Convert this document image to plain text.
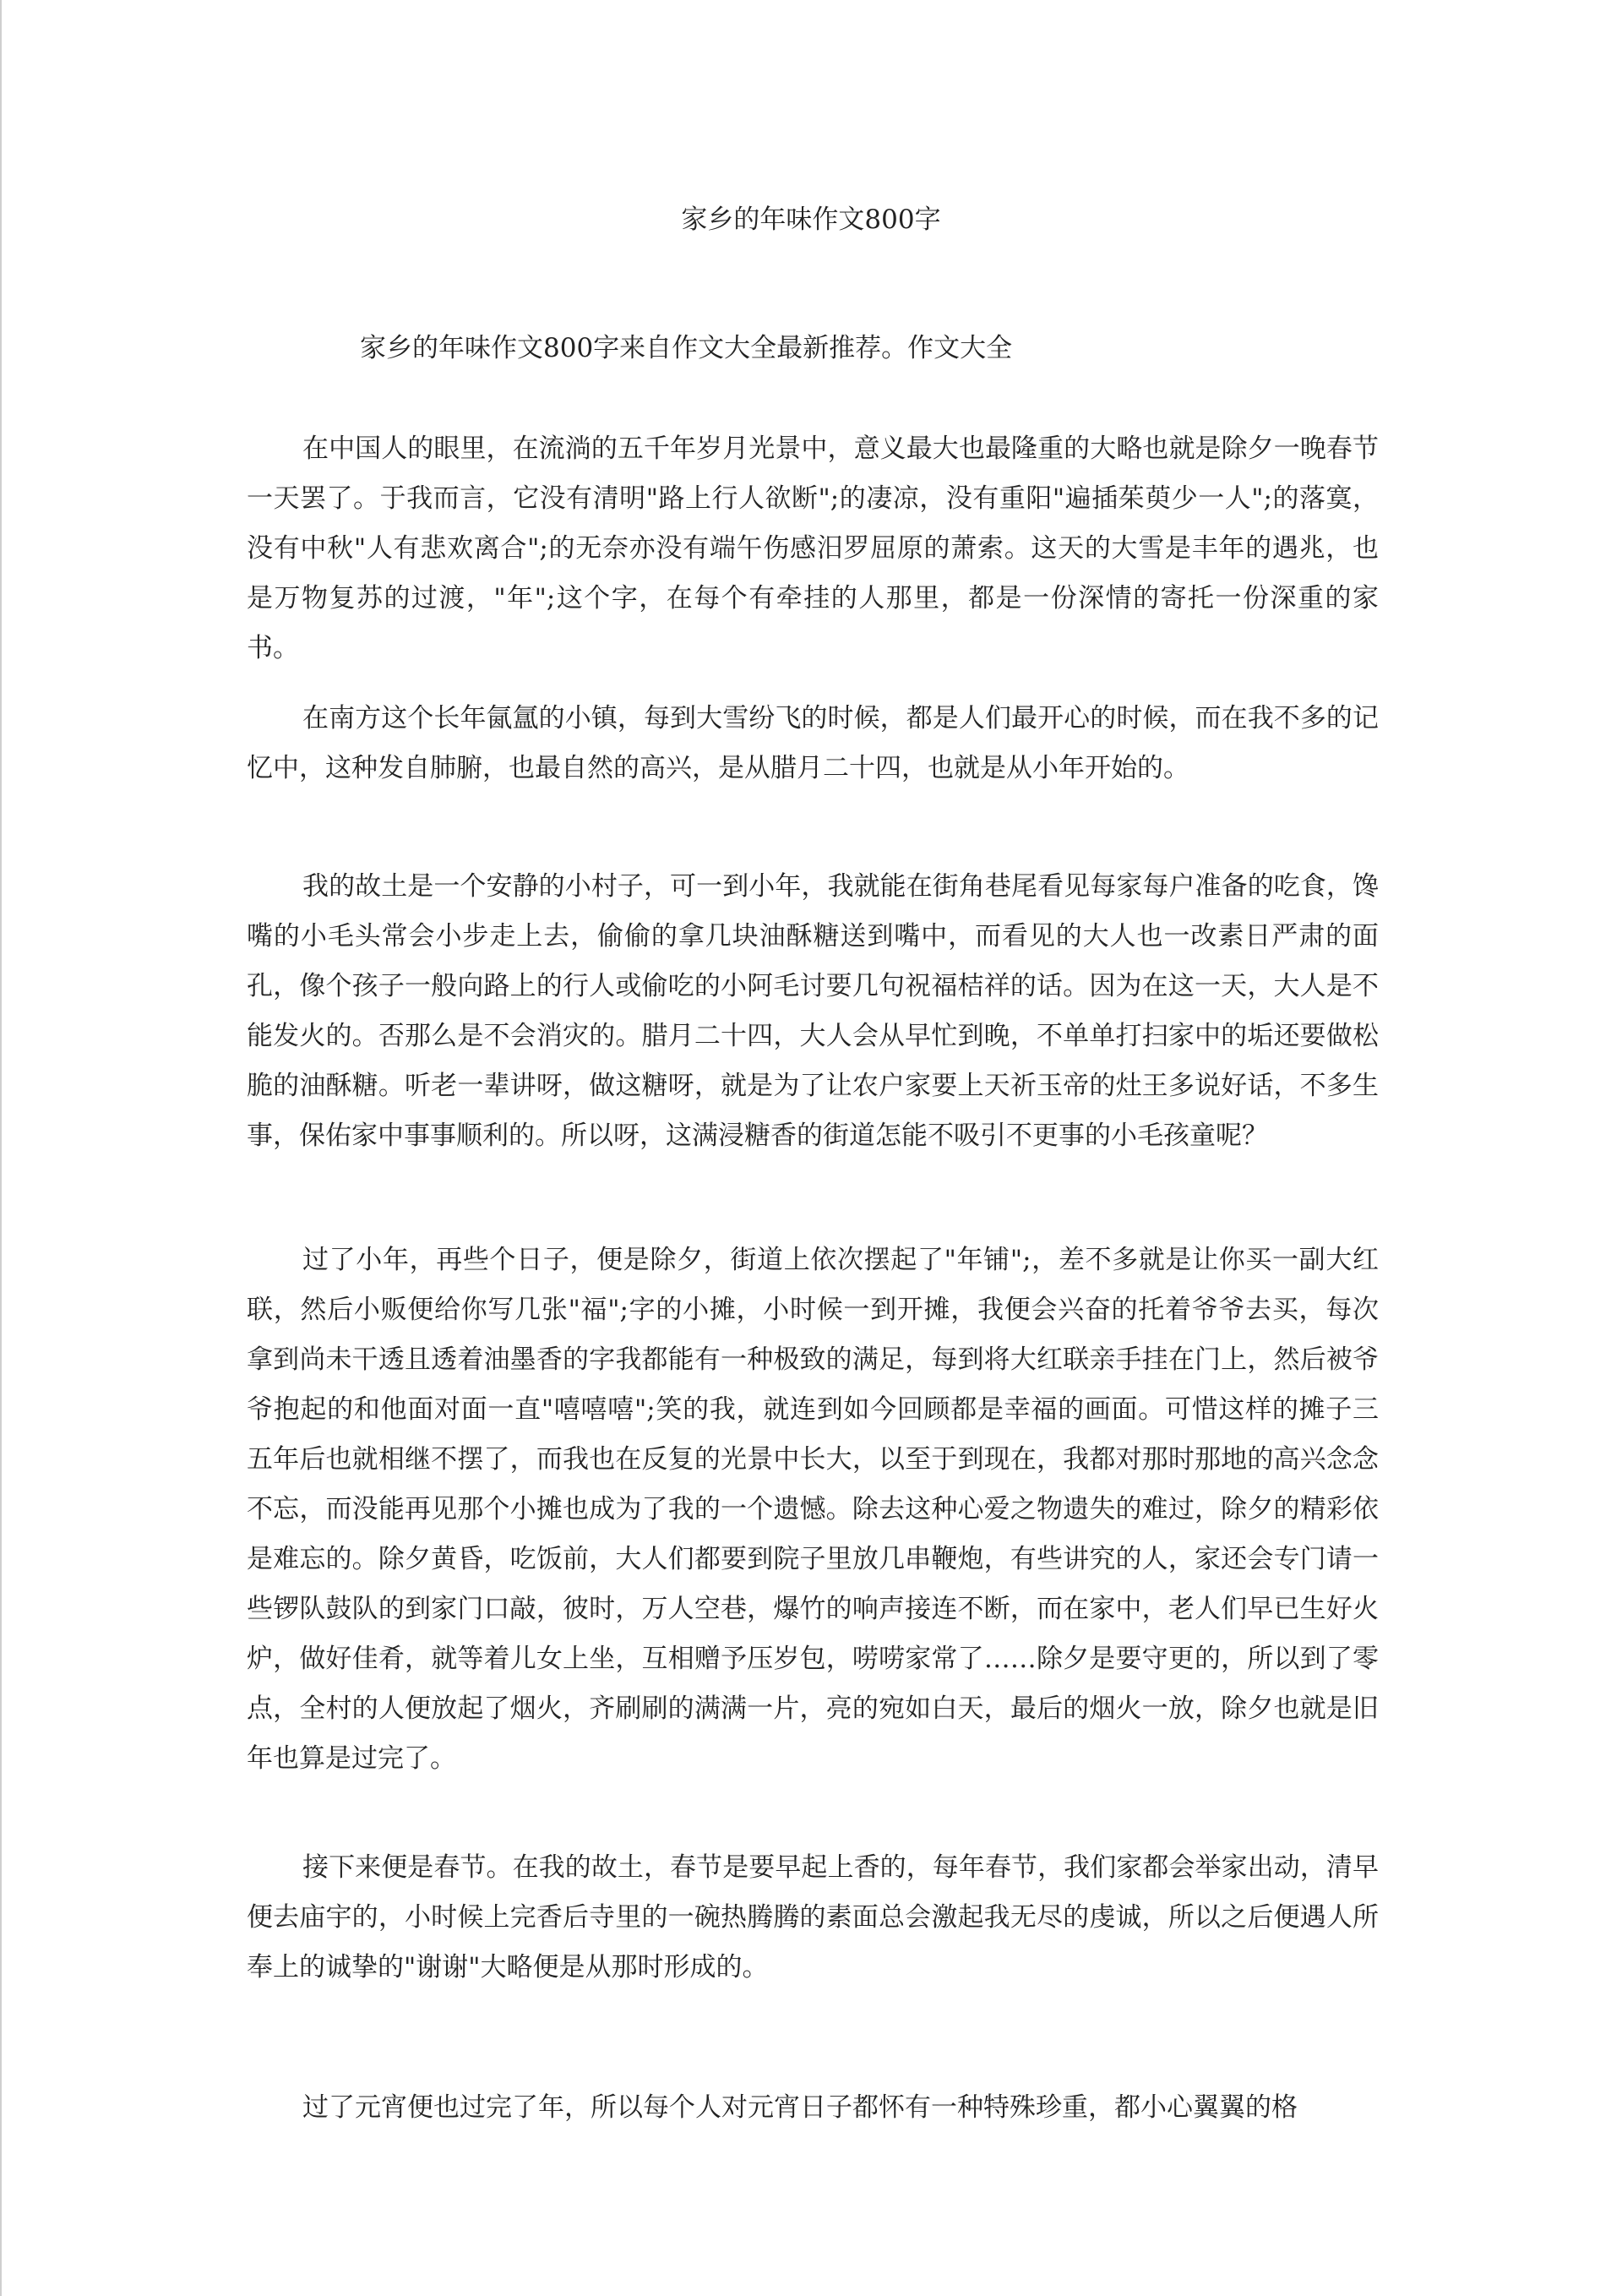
家乡的年味作文800字
家乡的年味作文800字来自作文大全最新推荐。作文大全

在中国人的眼里，在流淌的五千年岁月光景中，意义最大也最隆重的大略也就是除夕一晚春节一天罢了。于我而言，它没有清明"路上行人欲断";的凄凉，没有重阳"遍插茱萸少一人";的落寞，没有中秋"人有悲欢离合";的无奈亦没有端午伤感汨罗屈原的萧索。这天的大雪是丰年的遇兆，也是万物复苏的过渡，"年";这个字，在每个有牵挂的人那里，都是一份深情的寄托一份深重的家书。

在南方这个长年氤氲的小镇，每到大雪纷飞的时候，都是人们最开心的时候，而在我不多的记忆中，这种发自肺腑，也最自然的高兴，是从腊月二十四，也就是从小年开始的。

我的故土是一个安静的小村子，可一到小年，我就能在街角巷尾看见每家每户准备的吃食，馋嘴的小毛头常会小步走上去，偷偷的拿几块油酥糖送到嘴中，而看见的大人也一改素日严肃的面孔，像个孩子一般向路上的行人或偷吃的小阿毛讨要几句祝福桔祥的话。因为在这一天，大人是不能发火的。否那么是不会消灾的。腊月二十四，大人会从早忙到晚，不单单打扫家中的垢还要做松脆的油酥糖。听老一辈讲呀，做这糖呀，就是为了让农户家要上天祈玉帝的灶王多说好话，不多生事，保佑家中事事顺利的。所以呀，这满浸糖香的街道怎能不吸引不更事的小毛孩童呢？

过了小年，再些个日子，便是除夕，街道上依次摆起了"年铺";，差不多就是让你买一副大红联，然后小贩便给你写几张"福";字的小摊，小时候一到开摊，我便会兴奋的托着爷爷去买，每次拿到尚未干透且透着油墨香的字我都能有一种极致的满足，每到将大红联亲手挂在门上，然后被爷爷抱起的和他面对面一直"嘻嘻嘻";笑的我，就连到如今回顾都是幸福的画面。可惜这样的摊子三五年后也就相继不摆了，而我也在反复的光景中长大，以至于到现在，我都对那时那地的高兴念念不忘，而没能再见那个小摊也成为了我的一个遗憾。除去这种心爱之物遗失的难过，除夕的精彩依是难忘的。除夕黄昏，吃饭前，大人们都要到院子里放几串鞭炮，有些讲究的人，家还会专门请一些锣队鼓队的到家门口敲，彼时，万人空巷，爆竹的响声接连不断，而在家中，老人们早已生好火炉，做好佳肴，就等着儿女上坐，互相赠予压岁包，唠唠家常了……除夕是要守更的，所以到了零点，全村的人便放起了烟火，齐刷刷的满满一片，亮的宛如白天，最后的烟火一放，除夕也就是旧年也算是过完了。

接下来便是春节。在我的故土，春节是要早起上香的，每年春节，我们家都会举家出动，清早便去庙宇的，小时候上完香后寺里的一碗热腾腾的素面总会激起我无尽的虔诚，所以之后便遇人所奉上的诚挚的"谢谢"大略便是从那时形成的。

过了元宵便也过完了年，所以每个人对元宵日子都怀有一种特殊珍重，都小心翼翼的格
